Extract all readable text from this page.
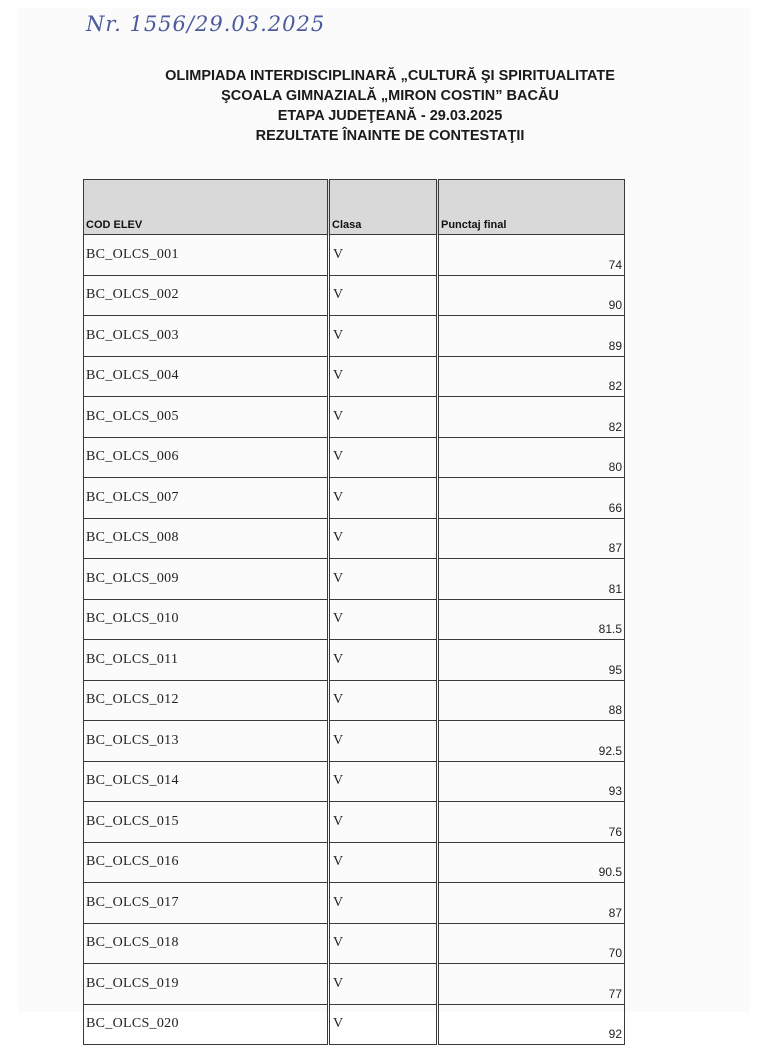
Nr. 1556/29.03.2025
OLIMPIADA INTERDISCIPLINARĂ „CULTURĂ ŞI SPIRITUALITATE
ŞCOALA GIMNAZIALĂ „MIRON COSTIN” BACĂU
ETAPA JUDEŢEANĂ - 29.03.2025
REZULTATE ÎNAINTE DE CONTESTAŢII
COD ELEV	Clasa	Punctaj final
BC_OLCS_001	V	74
BC_OLCS_002	V	90
BC_OLCS_003	V	89
BC_OLCS_004	V	82
BC_OLCS_005	V	82
BC_OLCS_006	V	80
BC_OLCS_007	V	66
BC_OLCS_008	V	87
BC_OLCS_009	V	81
BC_OLCS_010	V	81.5
BC_OLCS_011	V	95
BC_OLCS_012	V	88
BC_OLCS_013	V	92.5
BC_OLCS_014	V	93
BC_OLCS_015	V	76
BC_OLCS_016	V	90.5
BC_OLCS_017	V	87
BC_OLCS_018	V	70
BC_OLCS_019	V	77
BC_OLCS_020	V	92
